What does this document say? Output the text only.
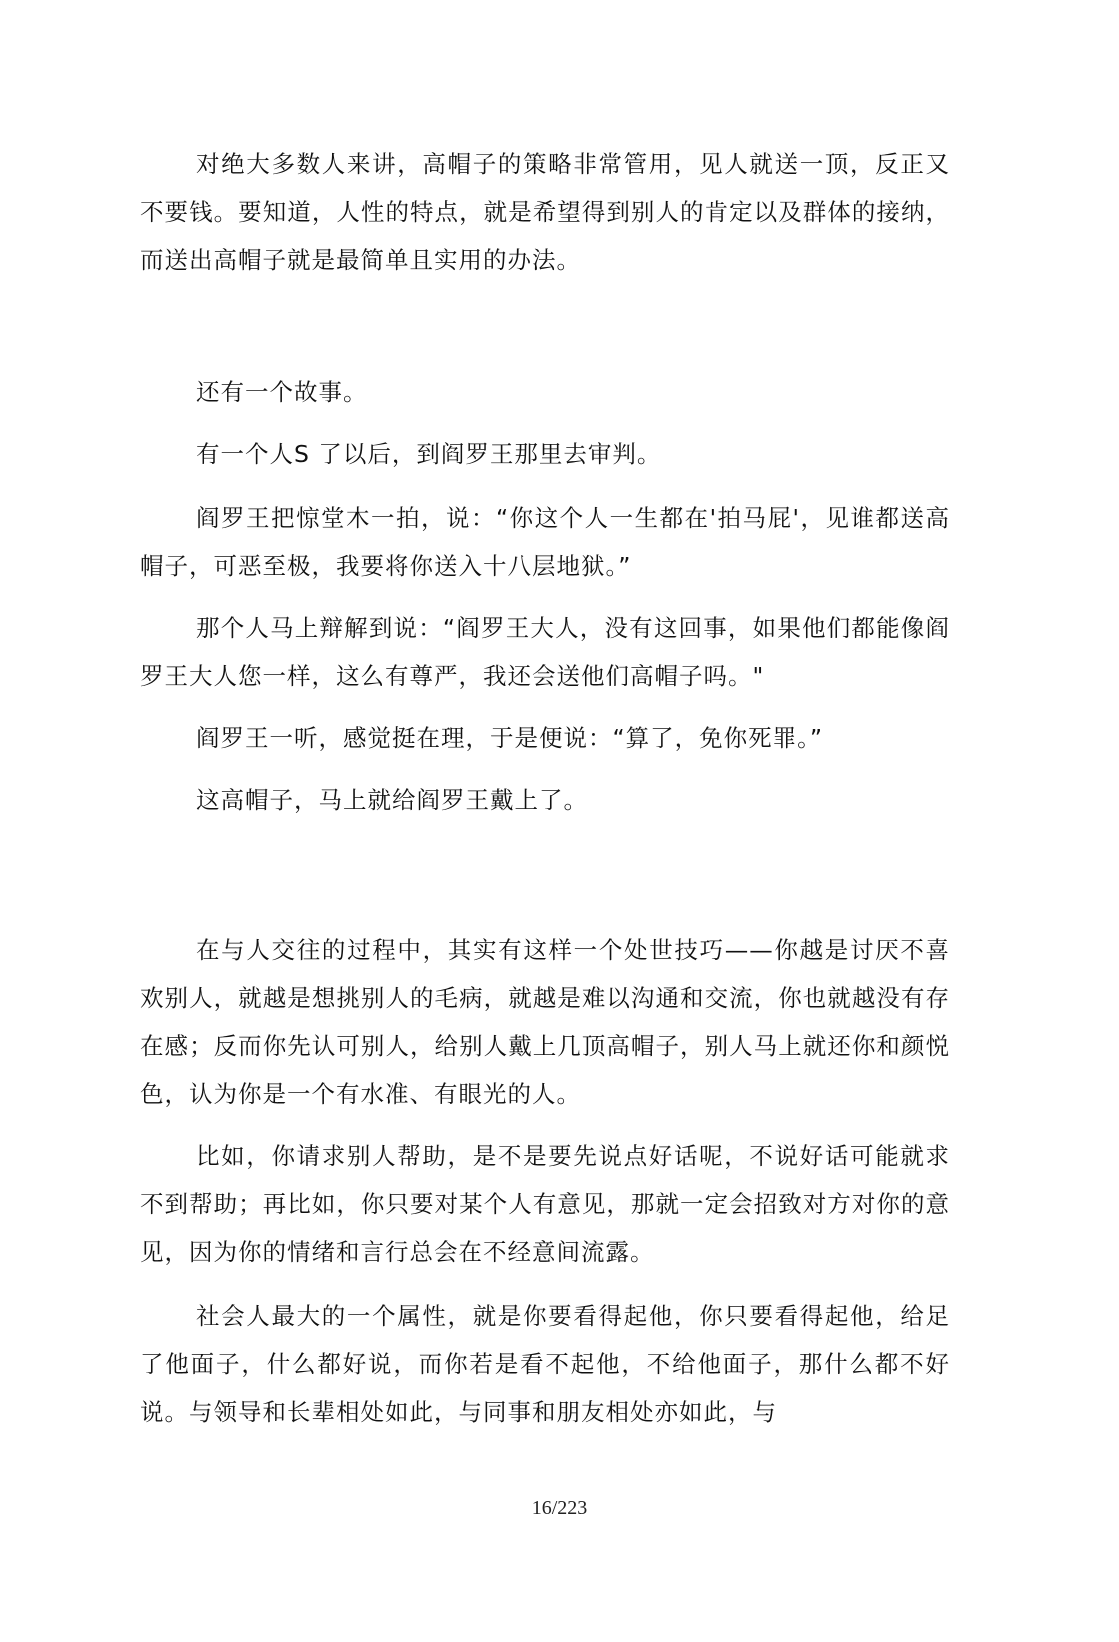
对绝大多数人来讲，高帽子的策略非常管用，见人就送一顶，反正又不要钱。要知道，人性的特点，就是希望得到别人的肯定以及群体的接纳，而送出高帽子就是最简单且实用的办法。

还有一个故事。

有一个人S 了以后，到阎罗王那里去审判。

阎罗王把惊堂木一拍，说：“你这个人一生都在'拍马屁'，见谁都送高帽子，可恶至极，我要将你送入十八层地狱。”

那个人马上辩解到说：“阎罗王大人，没有这回事，如果他们都能像阎罗王大人您一样，这么有尊严，我还会送他们高帽子吗。"

阎罗王一听，感觉挺在理，于是便说：“算了，免你死罪。”

这高帽子，马上就给阎罗王戴上了。

在与人交往的过程中，其实有这样一个处世技巧——你越是讨厌不喜欢别人，就越是想挑别人的毛病，就越是难以沟通和交流，你也就越没有存在感；反而你先认可别人，给别人戴上几顶高帽子，别人马上就还你和颜悦色，认为你是一个有水准、有眼光的人。

比如，你请求别人帮助，是不是要先说点好话呢，不说好话可能就求不到帮助；再比如，你只要对某个人有意见，那就一定会招致对方对你的意见，因为你的情绪和言行总会在不经意间流露。

社会人最大的一个属性，就是你要看得起他，你只要看得起他，给足了他面子，什么都好说，而你若是看不起他，不给他面子，那什么都不好说。与领导和长辈相处如此，与同事和朋友相处亦如此，与

16/223
